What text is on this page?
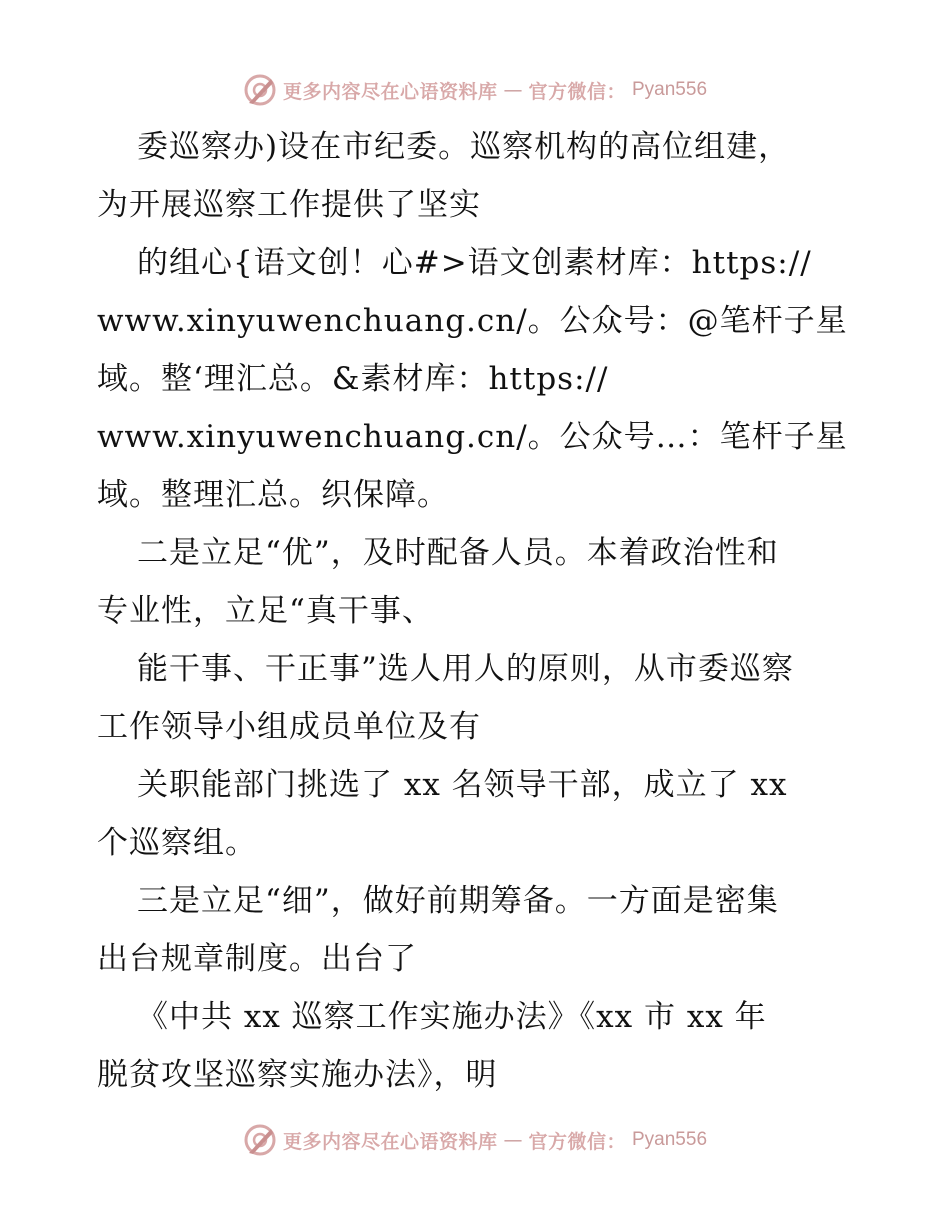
更多内容尽在心语资料库 — 官方微信： Pyan556
委巡察办)设在市纪委。巡察机构的高位组建，
为开展巡察工作提供了坚实
的组心{语文创！心#>语文创素材库：https://
www.xinyuwenchuang.cn/。公众号：@笔杆子星
域。整‘理汇总。&素材库：https://
www.xinyuwenchuang.cn/。公众号…：笔杆子星
域。整理汇总。织保障。
二是立足“优”，及时配备人员。本着政治性和
专业性，立足“真干事、
能干事、干正事”选人用人的原则，从市委巡察
工作领导小组成员单位及有
关职能部门挑选了 xx 名领导干部，成立了 xx
个巡察组。
三是立足“细”，做好前期筹备。一方面是密集
出台规章制度。出台了
《中共 xx 巡察工作实施办法》《xx 市 xx 年
脱贫攻坚巡察实施办法》，明
更多内容尽在心语资料库 — 官方微信： Pyan556
